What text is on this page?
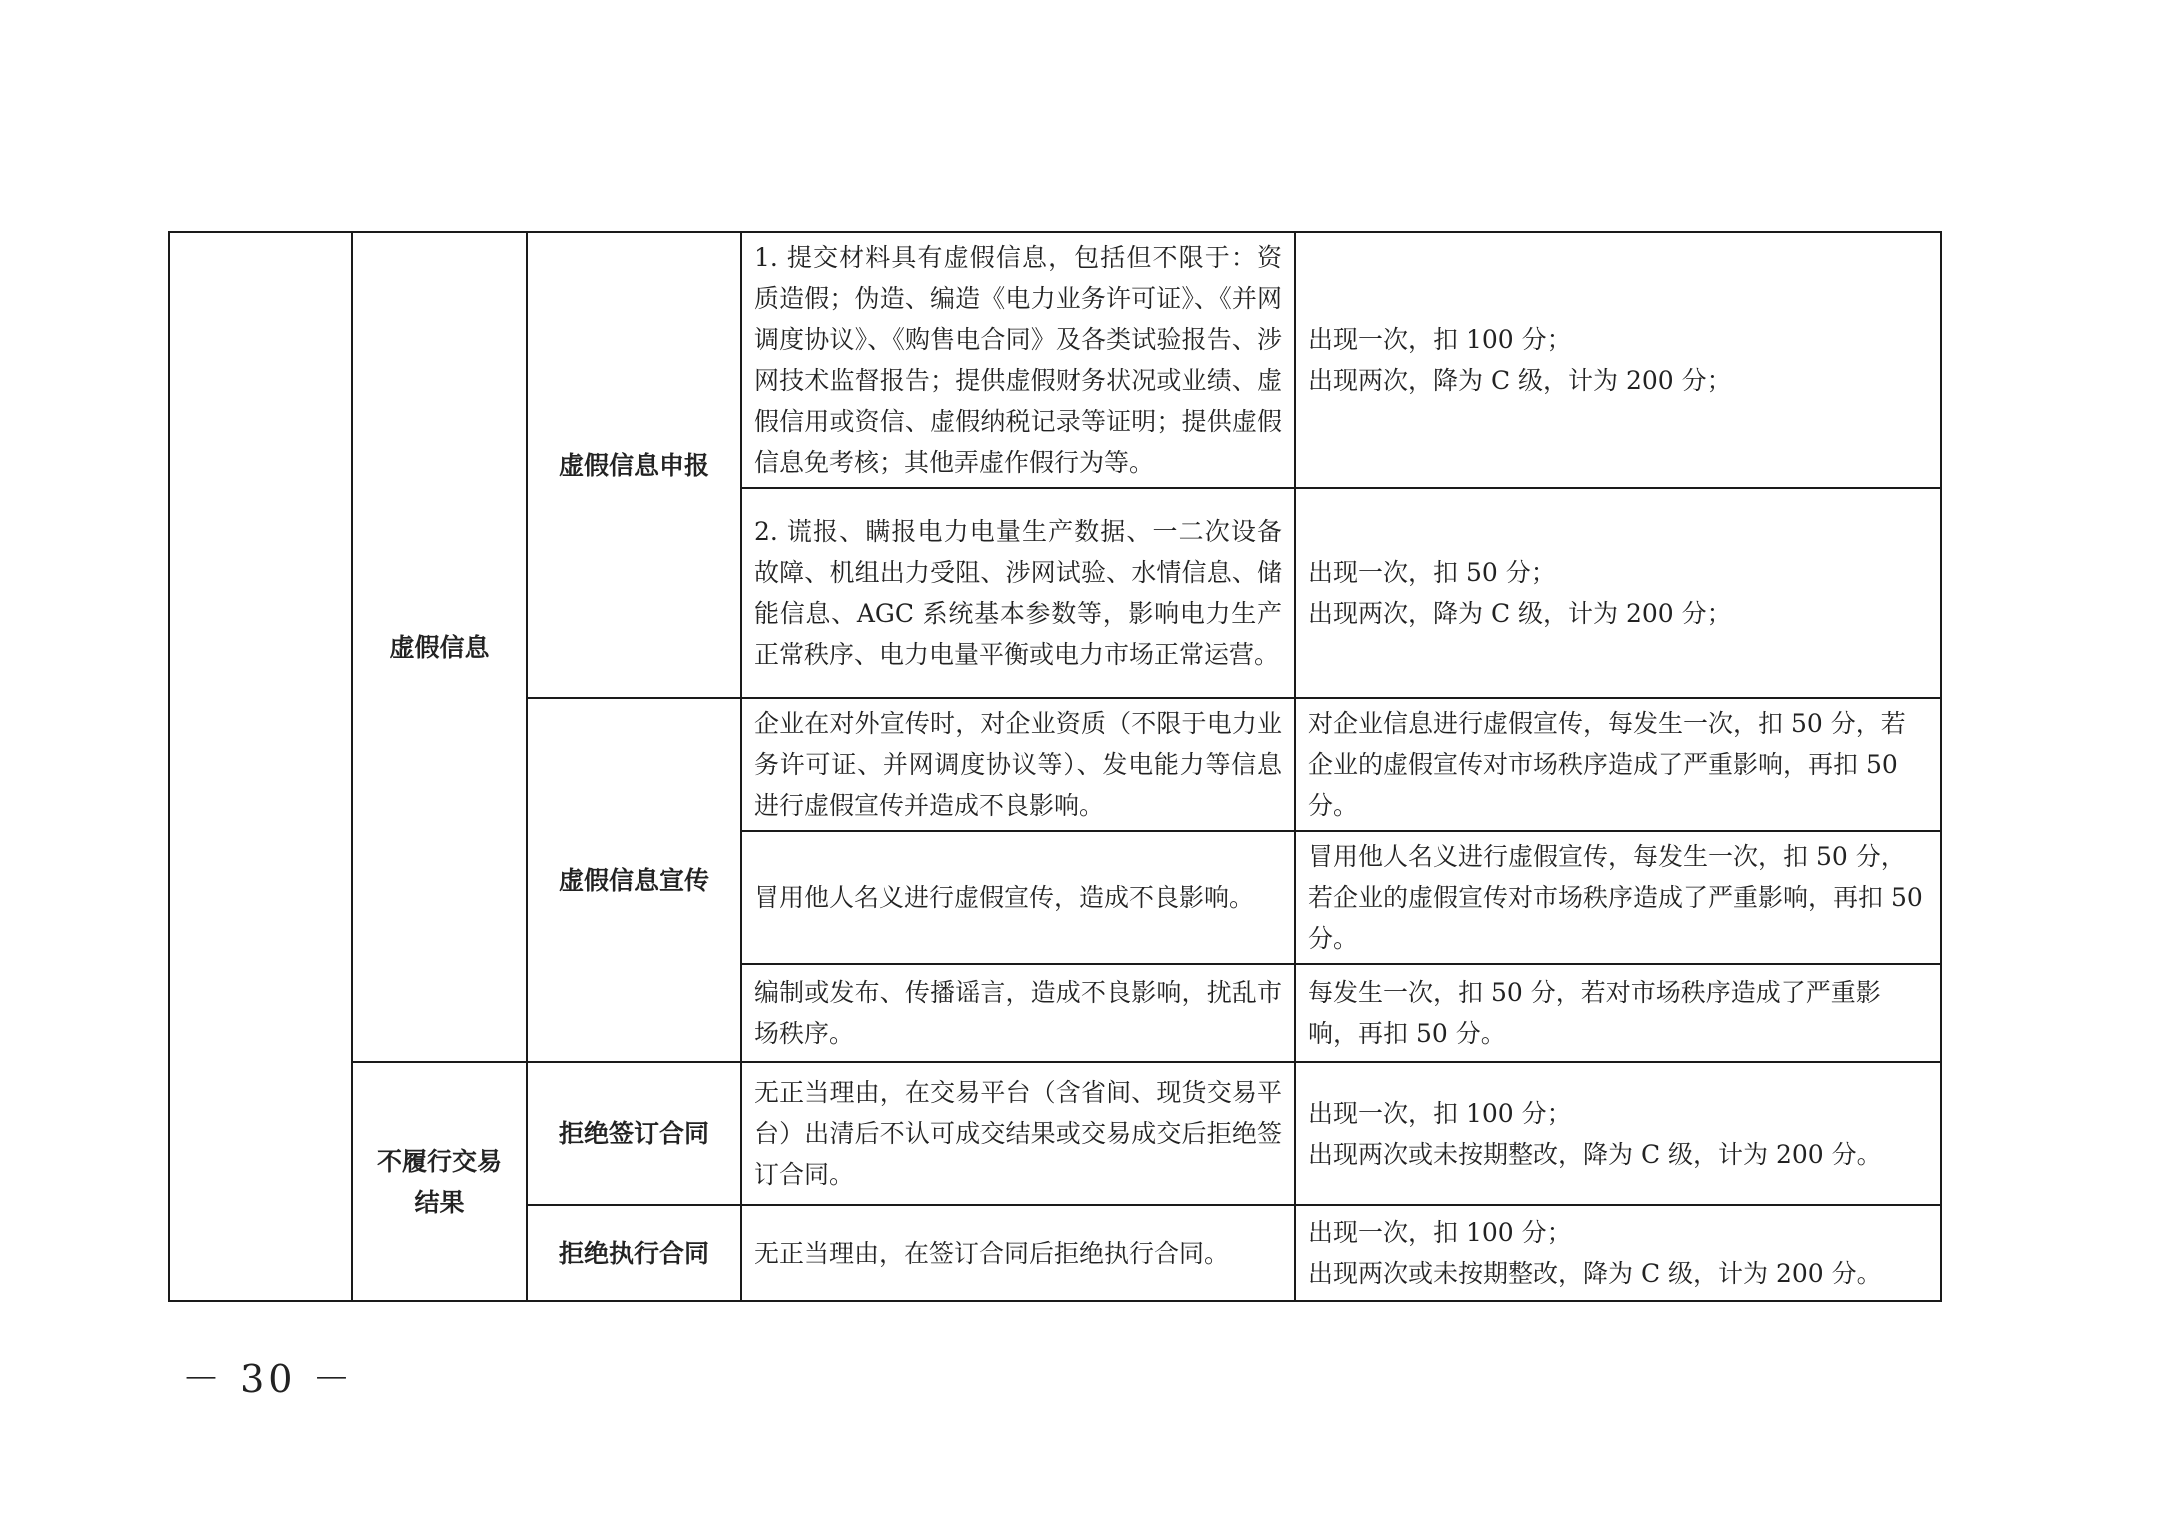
	虚假信息	虚假信息申报	1. 提交材料具有虚假信息，包括但不限于：资质造假；伪造、编造《电力业务许可证》、《并网调度协议》、《购售电合同》及各类试验报告、涉网技术监督报告；提供虚假财务状况或业绩、虚假信用或资信、虚假纳税记录等证明；提供虚假信息免考核；其他弄虚作假行为等。	出现一次，扣 100 分；
出现两次，降为 C 级，计为 200 分；

			2. 谎报、瞒报电力电量生产数据、一二次设备故障、机组出力受阻、涉网试验、水情信息、储能信息、AGC 系统基本参数等，影响电力生产正常秩序、电力电量平衡或电力市场正常运营。	出现一次，扣 50 分；
出现两次，降为 C 级，计为 200 分；

		虚假信息宣传	企业在对外宣传时，对企业资质（不限于电力业务许可证、并网调度协议等）、发电能力等信息进行虚假宣传并造成不良影响。	对企业信息进行虚假宣传，每发生一次，扣 50 分，若企业的虚假宣传对市场秩序造成了严重影响，再扣 50 分。

			冒用他人名义进行虚假宣传，造成不良影响。	冒用他人名义进行虚假宣传，每发生一次，扣 50 分，若企业的虚假宣传对市场秩序造成了严重影响，再扣 50 分。

			编制或发布、传播谣言，造成不良影响，扰乱市场秩序。	每发生一次，扣 50 分，若对市场秩序造成了严重影响，再扣 50 分。

	不履行交易结果	拒绝签订合同	无正当理由，在交易平台（含省间、现货交易平台）出清后不认可成交结果或交易成交后拒绝签订合同。	出现一次，扣 100 分；
出现两次或未按期整改，降为 C 级，计为 200 分。

		拒绝执行合同	无正当理由，在签订合同后拒绝执行合同。	出现一次，扣 100 分；
出现两次或未按期整改，降为 C 级，计为 200 分。

－ 30 －
